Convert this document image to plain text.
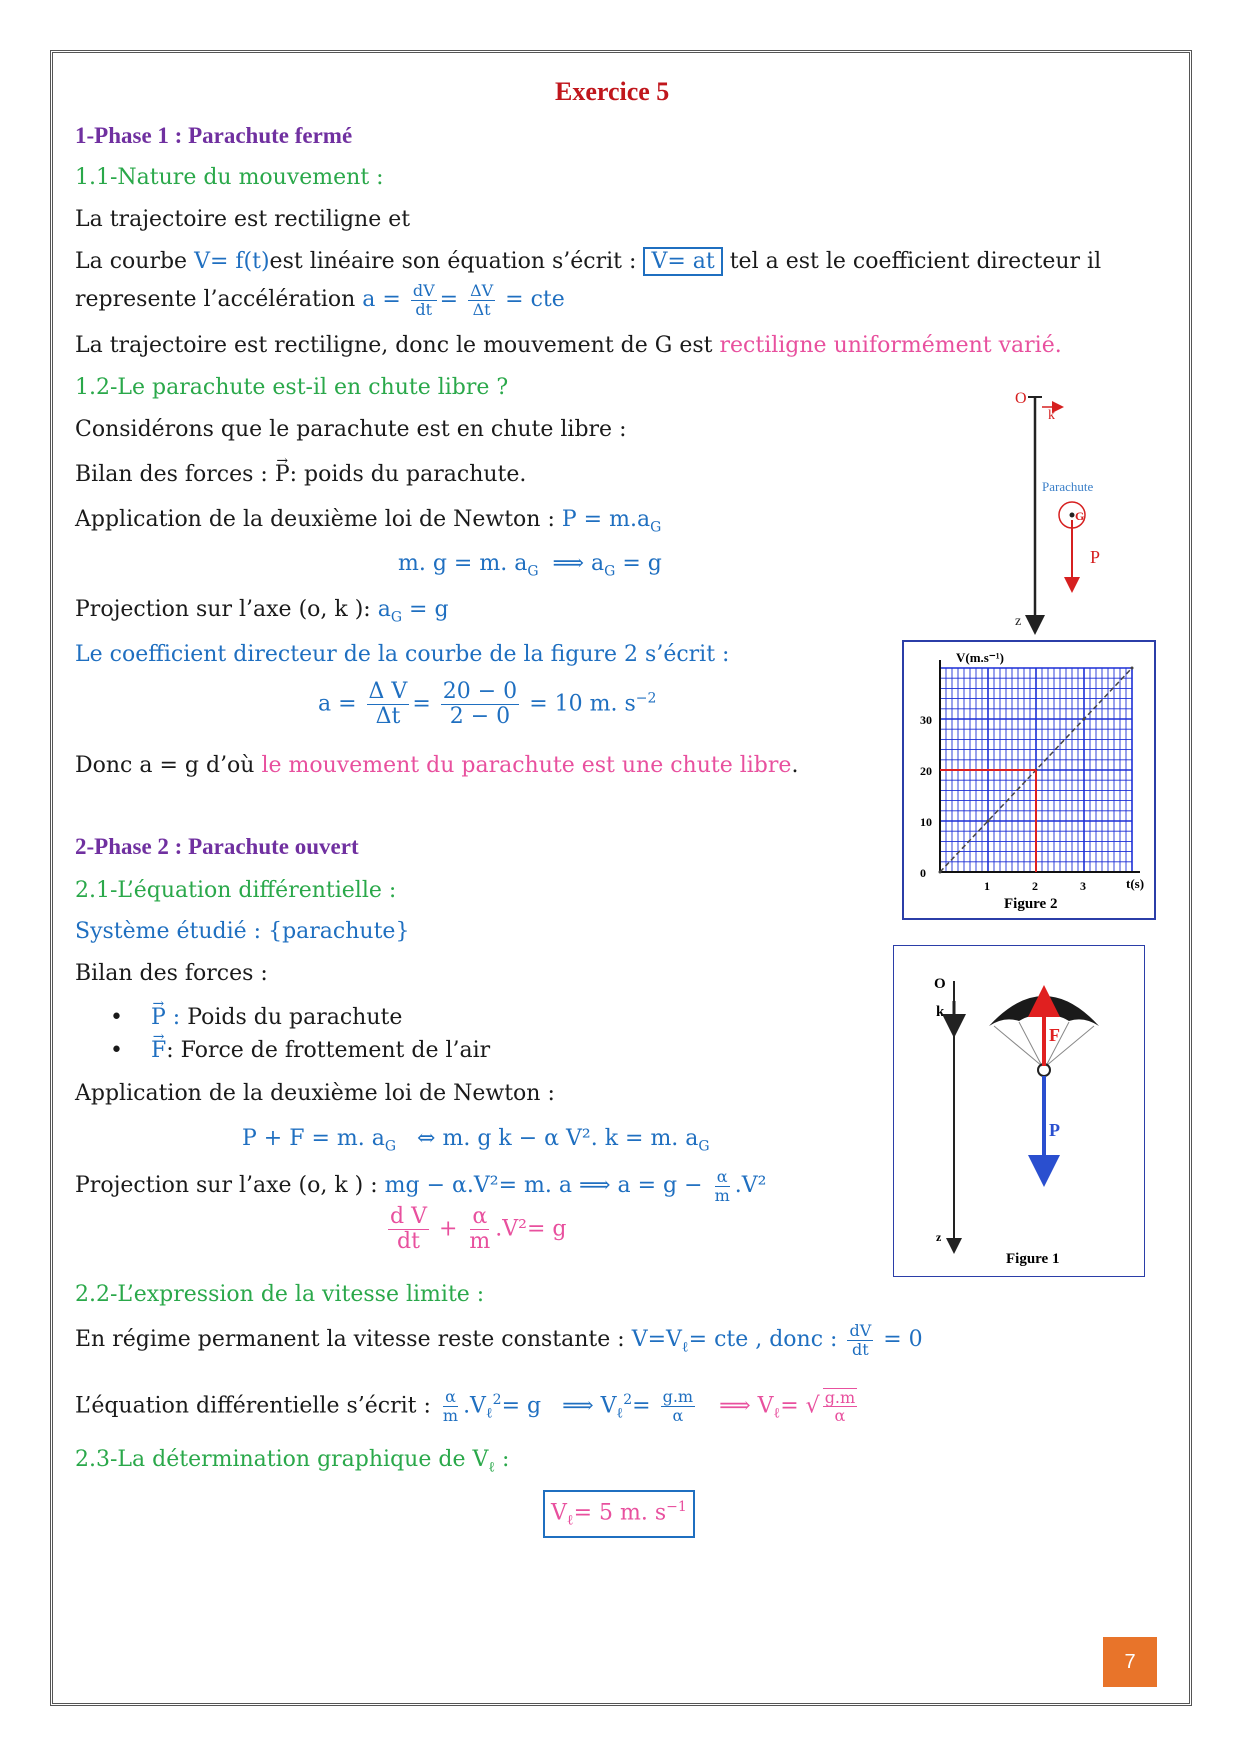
Exercice 5
1-Phase 1 : Parachute fermé
1.1-Nature du mouvement :
La trajectoire est rectiligne et
La courbe V= f(t)est linéaire son équation s’écrit : V= at tel a est le coefficient directeur il
represente l’accélération $a = \frac{dV}{dt} = \frac{\Delta V}{\Delta t}$ = cte
La trajectoire est rectiligne, donc le mouvement de G est rectiligne uniformément varié.
1.2-Le parachute est-il en chute libre ?
Considérons que le parachute est en chute libre :
Bilan des forces : → P: poids du parachute.
Application de la deuxième loi de Newton : $P = m.a_G$
m. g = m. $a_G$ ⟹ $a_G = g$
Projection sur l’axe (o, k ): $a_G = g$
Le coefficient directeur de la courbe de la figure 2 s’écrit :
$a = \frac{\text{Δ V}}{\Delta t} = \frac{20 - 0}{2 - 0} = 10$ m. $s^{-2}$
Donc a = g d’où le mouvement du parachute est une chute libre.
2-Phase 2 : Parachute ouvert
2.1-L’équation différentielle :
Système étudié : {parachute}
Bilan des forces :
• → P : Poids du parachute
• → F: Force de frottement de l’air
Application de la deuxième loi de Newton :
P + F = m. $a_G$ ⇔ m. g k − α V². k = m. $a_G$
Projection sur l’axe (o, k ) : mg − α.V²= m. a ⟹ $a = g - \frac{\alpha}{m} .V^2$
$\frac{\text{d V}}{dt} + \frac{\alpha}{m} .V^2= g$
2.2-L’expression de la vitesse limite :
En régime permanent la vitesse reste constante : $V=V_\ell=$ cte , donc : $\frac{dV}{dt} = 0$
L’équation différentielle s’écrit : $\frac{\alpha}{m} .V_\ell^2= g$ ⟹ $V_\ell^2= \frac{g.m}{\alpha}$ ⟹ $V_\ell=$ √ $\frac{g.m}{\alpha}$
2.3-La détermination graphique de $V_\ell$ :
$V_\ell= 5$ m. $s^{-1}$
O
k
Parachute
G
P
z
V(m.s⁻¹)
t(s)
Figure 2
0
10
20
30
1	2	3
O
k
z
F
P
Figure 1
7
